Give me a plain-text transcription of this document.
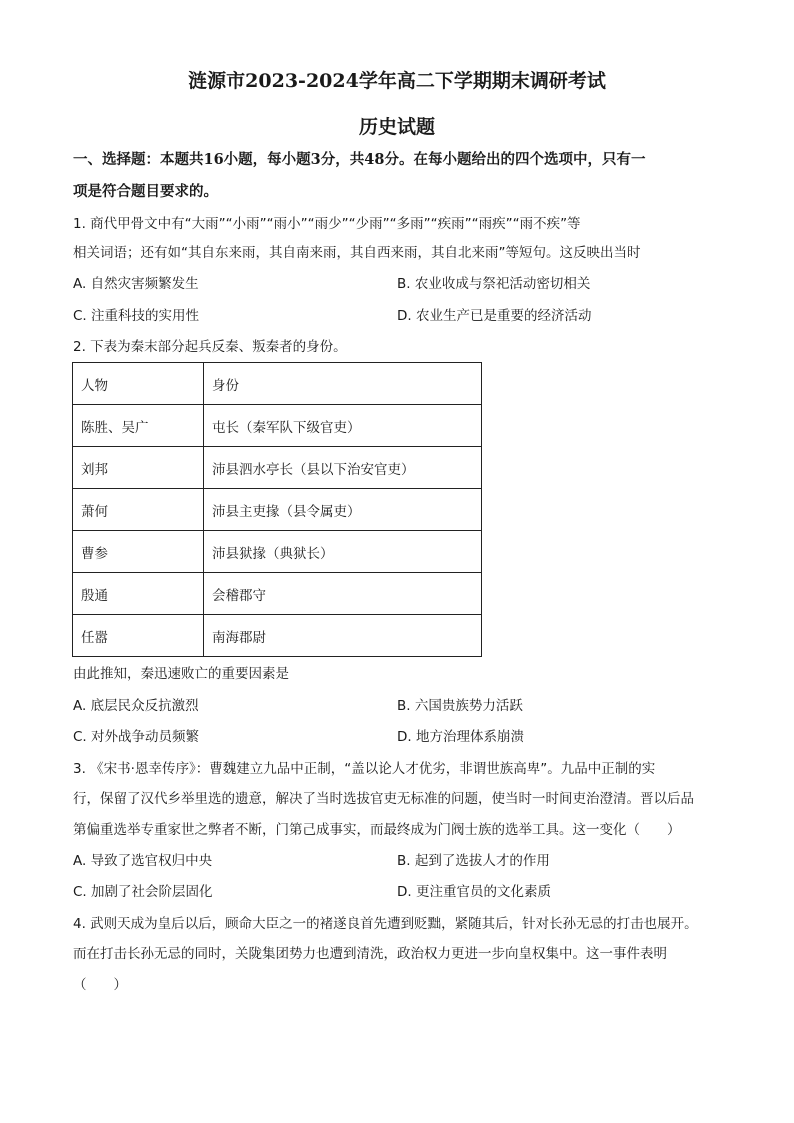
涟源市2023-2024学年高二下学期期末调研考试
历史试题
一、选择题：本题共16小题，每小题3分，共48分。在每小题给出的四个选项中，只有一
项是符合题目要求的。
1. 商代甲骨文中有“大雨”“小雨”“雨小”“雨少”“少雨”“多雨”“疾雨”“雨疾”“雨不疾”等
相关词语；还有如“其自东来雨，其自南来雨，其自西来雨，其自北来雨”等短句。这反映出当时
A. 自然灾害频繁发生	B. 农业收成与祭祀活动密切相关
C. 注重科技的实用性	D. 农业生产已是重要的经济活动
2. 下表为秦末部分起兵反秦、叛秦者的身份。
人物	身份
陈胜、吴广	屯长（秦军队下级官吏）
刘邦	沛县泗水亭长（县以下治安官吏）
萧何	沛县主吏掾（县令属吏）
曹参	沛县狱掾（典狱长）
殷通	会稽郡守
任嚣	南海郡尉
由此推知，秦迅速败亡的重要因素是
A. 底层民众反抗激烈	B. 六国贵族势力活跃
C. 对外战争动员频繁	D. 地方治理体系崩溃
3. 《宋书·恩幸传序》：曹魏建立九品中正制，“盖以论人才优劣，非谓世族高卑”。九品中正制的实
行，保留了汉代乡举里选的遗意，解决了当时选拔官吏无标准的问题，使当时一时间吏治澄清。晋以后品
第偏重选举专重家世之弊者不断，门第己成事实，而最终成为门阀士族的选举工具。这一变化（　　）
A. 导致了选官权归中央	B. 起到了选拔人才的作用
C. 加剧了社会阶层固化	D. 更注重官员的文化素质
4. 武则天成为皇后以后，顾命大臣之一的褚遂良首先遭到贬黜，紧随其后，针对长孙无忌的打击也展开。
而在打击长孙无忌的同时，关陇集团势力也遭到清洗，政治权力更进一步向皇权集中。这一事件表明
（　　）
